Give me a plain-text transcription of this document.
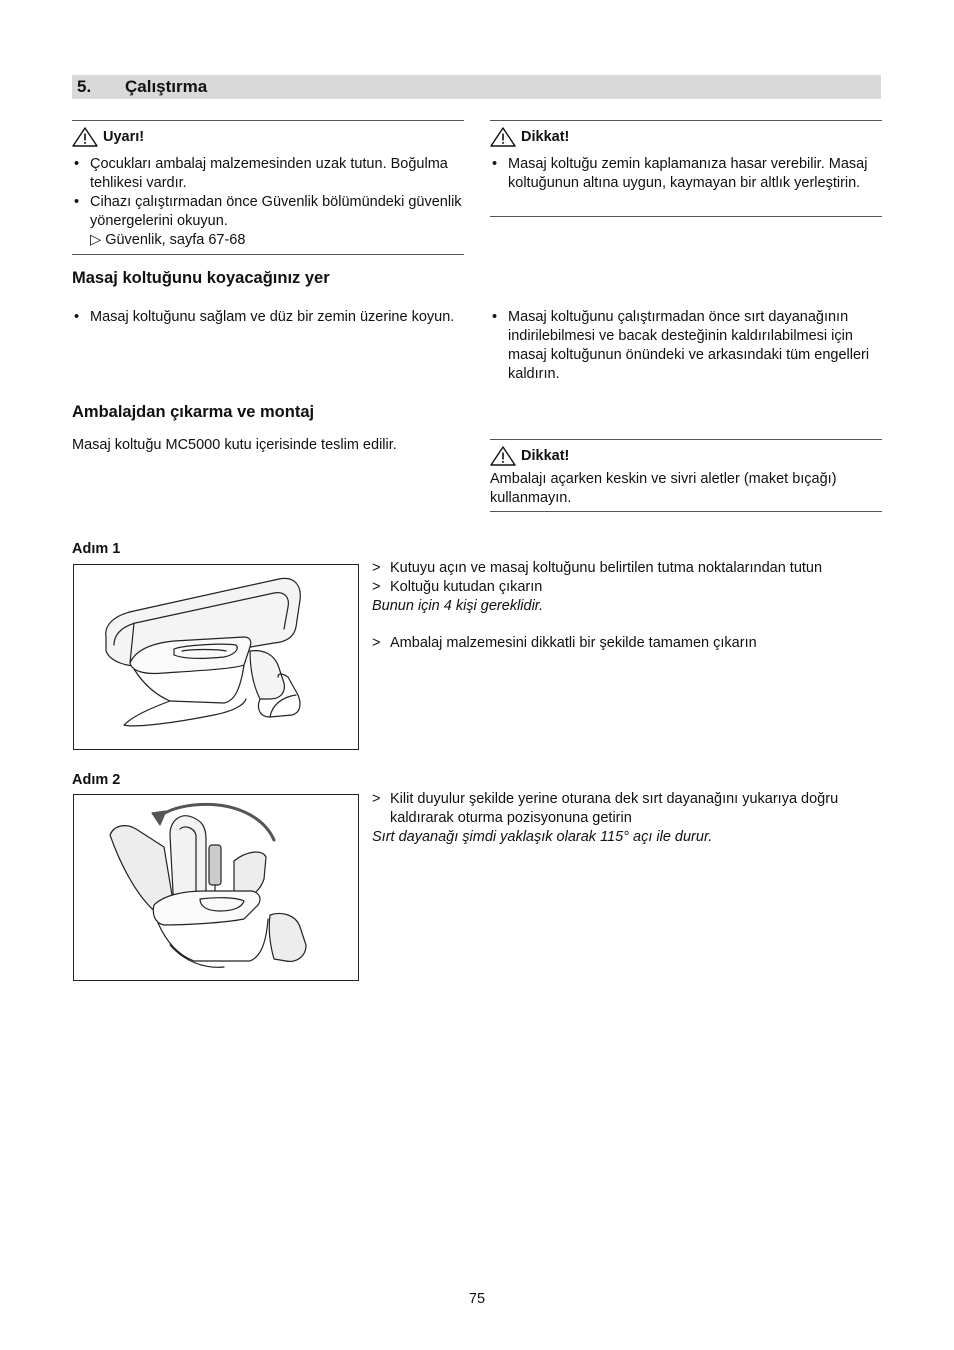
5. Çalıştırma
Uyarı!
• Çocukları ambalaj malzemesinden uzak tutun. Boğulma tehlikesi vardır.
• Cihazı çalıştırmadan önce Güvenlik bölümündeki güvenlik yönergelerini okuyun.
▷ Güvenlik, sayfa 67-68
Dikkat!
• Masaj koltuğu zemin kaplamanıza hasar verebilir. Masaj koltuğunun altına uygun, kaymayan bir altlık yerleştirin.
Masaj koltuğunu koyacağınız yer
• Masaj koltuğunu sağlam ve düz bir zemin üzerine koyun.
•	Masaj koltuğunu çalıştırmadan önce sırt dayanağının indirilebilmesi ve bacak desteğinin kaldırılabilmesi için masaj koltuğunun önündeki ve arkasındaki tüm engelleri kaldırın.
Ambalajdan çıkarma ve montaj
Masaj koltuğu MC5000 kutu içerisinde teslim edilir.
Dikkat!
Ambalajı açarken keskin ve sivri aletler (maket bıçağı) kullanmayın.
Adım 1
> Kutuyu açın ve masaj koltuğunu belirtilen tutma noktalarından tutun
> Koltuğu kutudan çıkarın
Bunun için 4 kişi gereklidir.
> Ambalaj malzemesini dikkatli bir şekilde tamamen çıkarın
Adım 2
> Kilit duyulur şekilde yerine oturana dek sırt dayanağını yukarıya doğru kaldırarak oturma pozisyonuna getirin
Sırt dayanağı şimdi yaklaşık olarak 115° açı ile durur.
75
